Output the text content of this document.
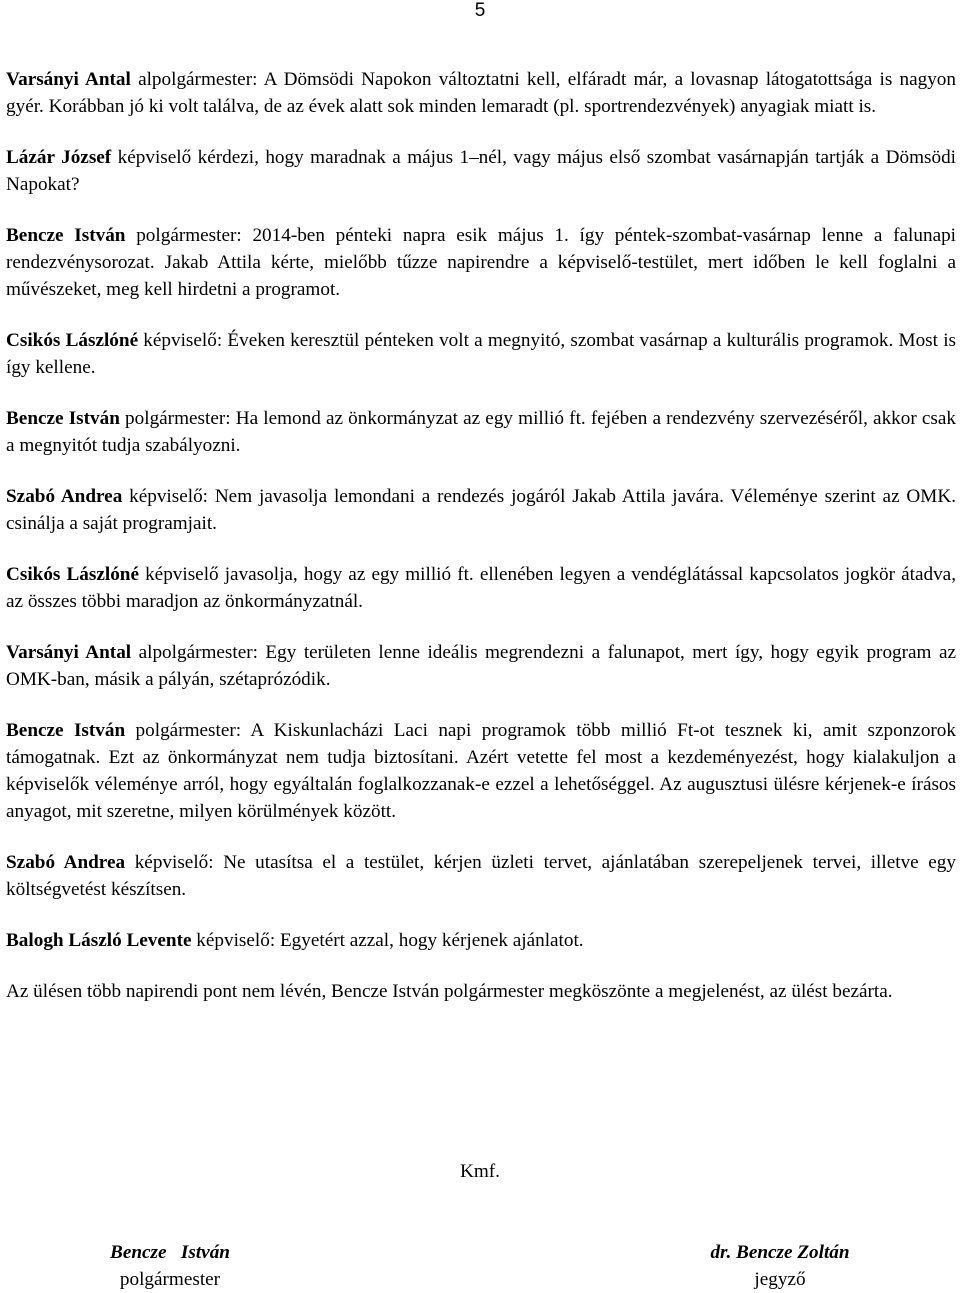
5

Varsányi Antal alpolgármester: A Dömsödi Napokon változtatni kell, elfáradt már, a lovasnap látogatottsága is nagyon gyér. Korábban jó ki volt találva, de az évek alatt sok minden lemaradt (pl. sportrendezvények) anyagiak miatt is.

Lázár József képviselő kérdezi, hogy maradnak a május 1–nél, vagy május első szombat vasárnapján tartják a Dömsödi Napokat?

Bencze István polgármester: 2014-ben pénteki napra esik május 1. így péntek-szombat-vasárnap lenne a falunapi rendezvénysorozat. Jakab Attila kérte, mielőbb tűzze napirendre a képviselő-testület, mert időben le kell foglalni a művészeket, meg kell hirdetni a programot.

Csikós Lászlóné képviselő: Éveken keresztül pénteken volt a megnyitó, szombat vasárnap a kulturális programok. Most is így kellene.

Bencze István polgármester: Ha lemond az önkormányzat az egy millió ft. fejében a rendezvény szervezéséről, akkor csak a megnyitót tudja szabályozni.

Szabó Andrea képviselő: Nem javasolja lemondani a rendezés jogáról Jakab Attila javára. Véleménye szerint az OMK. csinálja a saját programjait.

Csikós Lászlóné képviselő javasolja, hogy az egy millió ft. ellenében legyen a vendéglátással kapcsolatos jogkör átadva, az összes többi maradjon az önkormányzatnál.

Varsányi Antal alpolgármester: Egy területen lenne ideális megrendezni a falunapot, mert így, hogy egyik program az OMK-ban, másik a pályán, szétaprózódik.

Bencze István polgármester: A Kiskunlacházi Laci napi programok több millió Ft-ot tesznek ki, amit szponzorok támogatnak. Ezt az önkormányzat nem tudja biztosítani. Azért vetette fel most a kezdeményezést, hogy kialakuljon a képviselők véleménye arról, hogy egyáltalán foglalkozzanak-e ezzel a lehetőséggel. Az augusztusi ülésre kérjenek-e írásos anyagot, mit szeretne, milyen körülmények között.

Szabó Andrea képviselő: Ne utasítsa el a testület, kérjen üzleti tervet, ajánlatában szerepeljenek tervei, illetve egy költségvetést készítsen.

Balogh László Levente képviselő: Egyetért azzal, hogy kérjenek ajánlatot.

Az ülésen több napirendi pont nem lévén, Bencze István polgármester megköszönte a megjelenést, az ülést bezárta.

Kmf.
Bencze   István
polgármester
dr. Bencze Zoltán
jegyző
